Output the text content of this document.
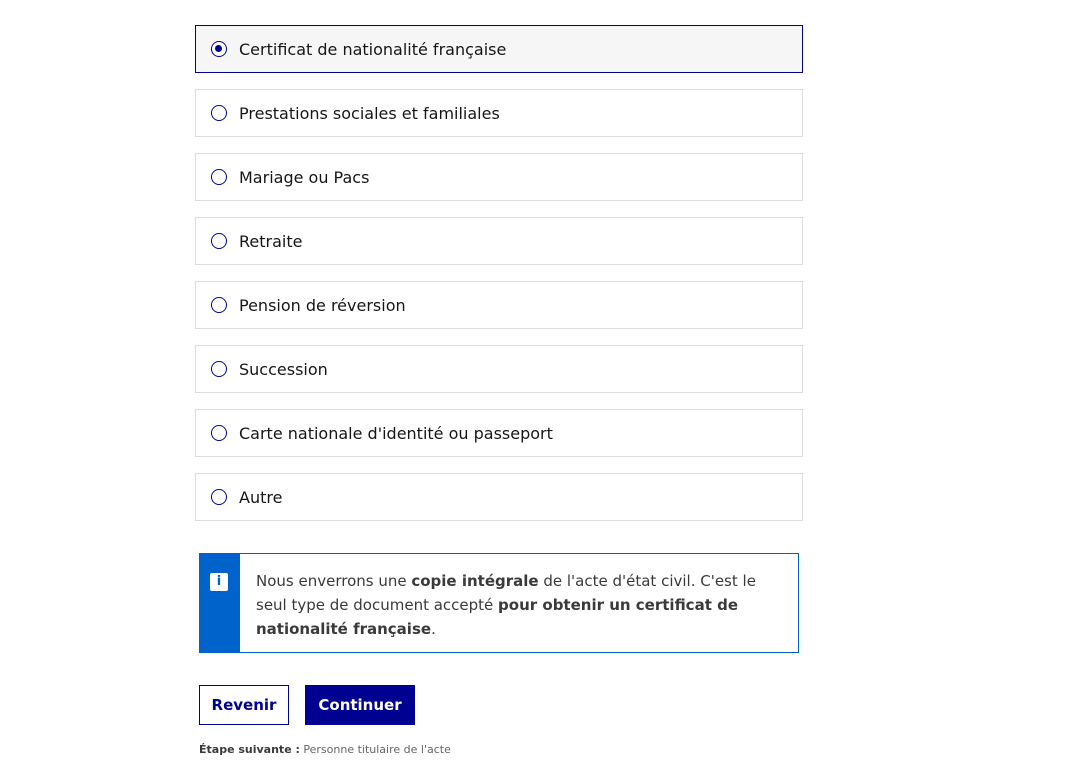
Certificat de nationalité française
Prestations sociales et familiales
Mariage ou Pacs
Retraite
Pension de réversion
Succession
Carte nationale d'identité ou passeport
Autre
i	Nous enverrons une copie intégrale de l'acte d'état civil. C'est le seul type de document accepté pour obtenir un certificat de nationalité française.
Revenir	Continuer
Étape suivante : Personne titulaire de l'acte
